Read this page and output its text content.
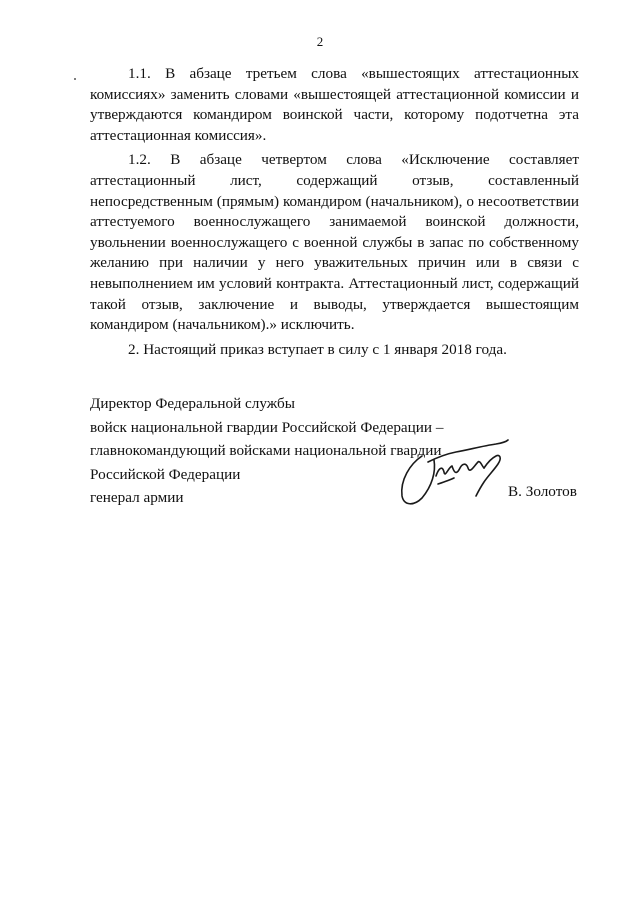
2
1.1. В абзаце третьем слова «вышестоящих аттестационных
комиссиях» заменить словами «вышестоящей аттестационной комиссии и
утверждаются командиром воинской части, которому подотчетна эта
аттестационная комиссия».
1.2. В абзаце четвертом слова «Исключение составляет
аттестационный лист, содержащий отзыв, составленный
непосредственным (прямым) командиром (начальником), о несоответствии
аттестуемого военнослужащего занимаемой воинской должности,
увольнении военнослужащего с военной службы в запас по собственному
желанию при наличии у него уважительных причин или в связи с
невыполнением им условий контракта. Аттестационный лист, содержащий
такой отзыв, заключение и выводы, утверждается вышестоящим
командиром (начальником).» исключить.
2. Настоящий приказ вступает в силу с 1 января 2018 года.
Директор Федеральной службы
войск национальной гвардии Российской Федерации –
главнокомандующий войсками национальной гвардии
Российской Федерации
генерал армии	В. Золотов
